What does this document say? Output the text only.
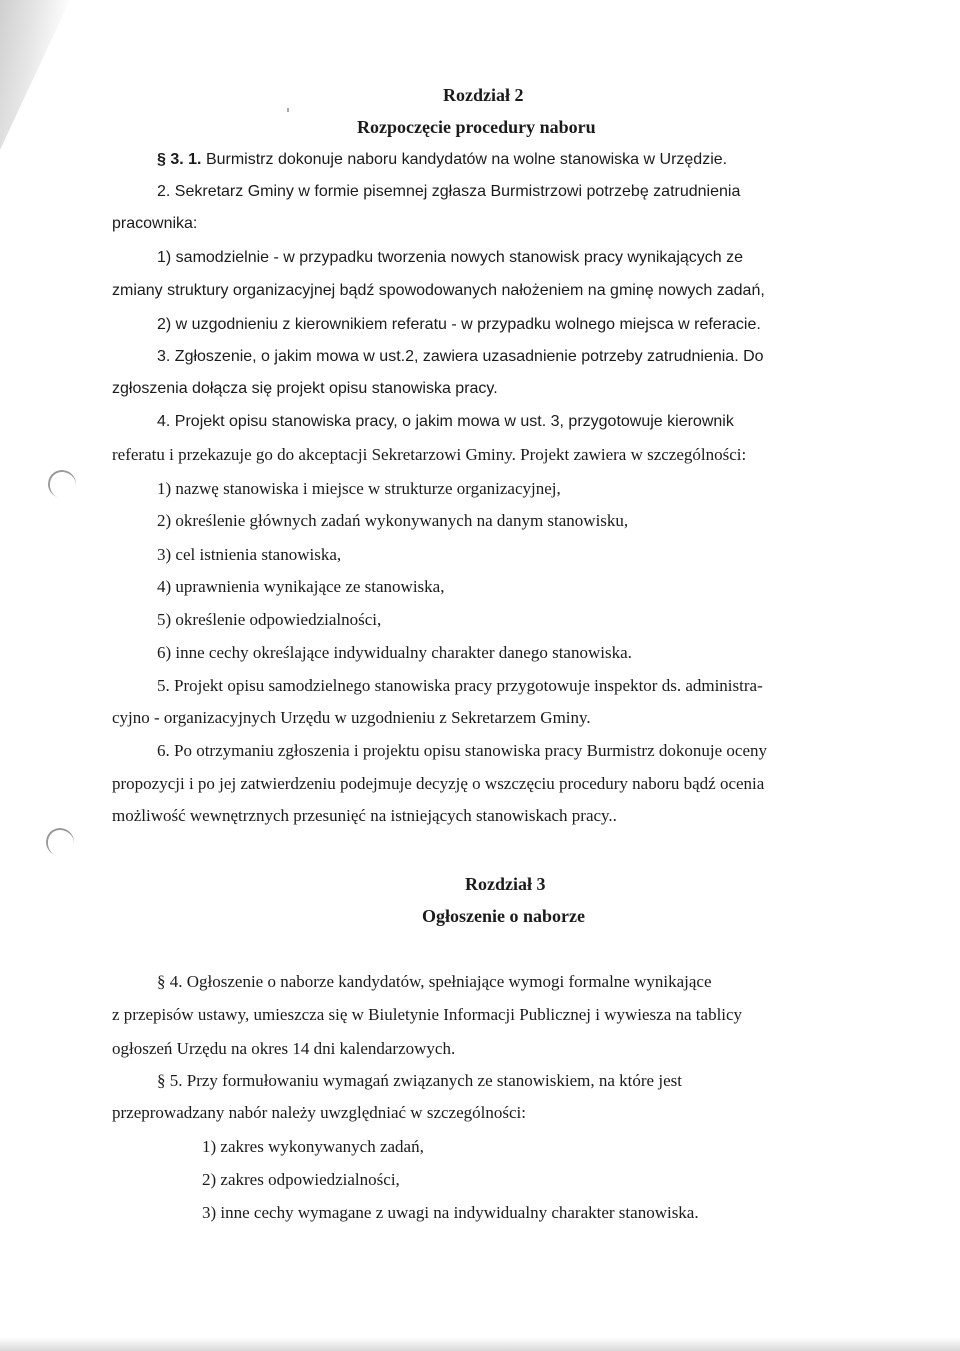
Rozdział 2
Rozpoczęcie procedury naboru
§ 3. 1. Burmistrz dokonuje naboru kandydatów na wolne stanowiska w Urzędzie.
2. Sekretarz Gminy w formie pisemnej zgłasza Burmistrzowi potrzebę zatrudnienia
pracownika:
1) samodzielnie - w przypadku tworzenia nowych stanowisk pracy wynikających ze
zmiany struktury organizacyjnej bądź spowodowanych nałożeniem na gminę nowych zadań,
2) w uzgodnieniu z kierownikiem referatu - w przypadku wolnego miejsca w referacie.
3. Zgłoszenie, o jakim mowa w ust.2, zawiera uzasadnienie potrzeby zatrudnienia. Do
zgłoszenia dołącza się projekt opisu stanowiska pracy.
4. Projekt opisu stanowiska pracy, o jakim mowa w ust. 3, przygotowuje kierownik
referatu i przekazuje go do akceptacji Sekretarzowi Gminy. Projekt zawiera w szczególności:
1) nazwę stanowiska i miejsce w strukturze organizacyjnej,
2) określenie głównych zadań wykonywanych na danym stanowisku,
3) cel istnienia stanowiska,
4) uprawnienia wynikające ze stanowiska,
5) określenie odpowiedzialności,
6) inne cechy określające indywidualny charakter danego stanowiska.
5. Projekt opisu samodzielnego stanowiska pracy przygotowuje inspektor ds. administra-
cyjno - organizacyjnych Urzędu w uzgodnieniu z Sekretarzem Gminy.
6. Po otrzymaniu zgłoszenia i projektu opisu stanowiska pracy Burmistrz dokonuje oceny
propozycji i po jej zatwierdzeniu podejmuje decyzję o wszczęciu procedury naboru bądź ocenia
możliwość wewnętrznych przesunięć na istniejących stanowiskach pracy..
Rozdział 3
Ogłoszenie o naborze
§ 4. Ogłoszenie o naborze kandydatów, spełniające wymogi formalne wynikające
z przepisów ustawy, umieszcza się w Biuletynie Informacji Publicznej i wywiesza na tablicy
ogłoszeń Urzędu na okres 14 dni kalendarzowych.
§ 5. Przy formułowaniu wymagań związanych ze stanowiskiem, na które jest
przeprowadzany nabór należy uwzględniać w szczególności:
1) zakres wykonywanych zadań,
2) zakres odpowiedzialności,
3) inne cechy wymagane z uwagi na indywidualny charakter stanowiska.
